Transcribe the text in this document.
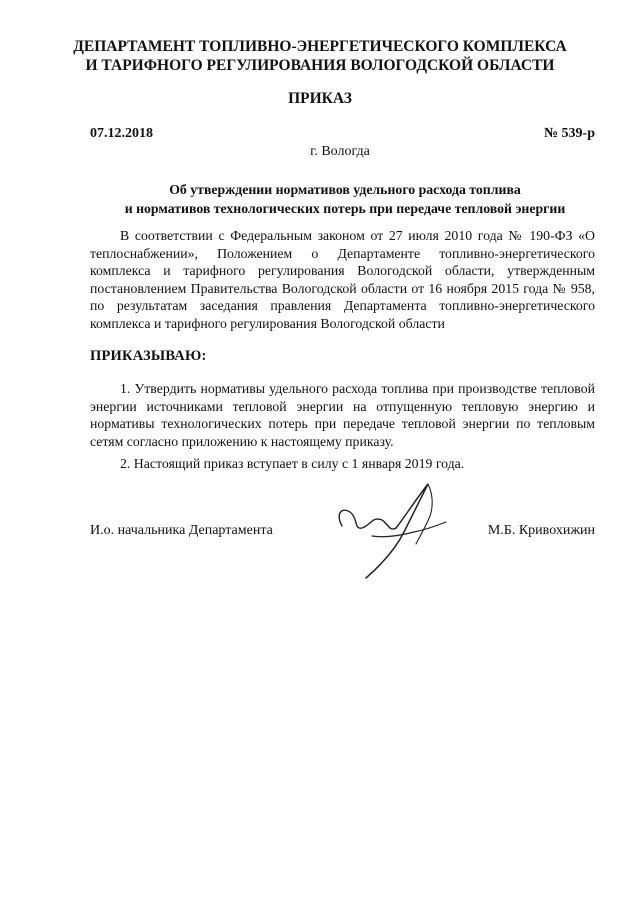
ДЕПАРТАМЕНТ ТОПЛИВНО-ЭНЕРГЕТИЧЕСКОГО КОМПЛЕКСА
И ТАРИФНОГО РЕГУЛИРОВАНИЯ ВОЛОГОДСКОЙ ОБЛАСТИ
ПРИКАЗ
07.12.2018	№ 539-р
г. Вологда
Об утверждении нормативов удельного расхода топлива
и нормативов технологических потерь при передаче тепловой энергии
В соответствии с Федеральным законом от 27 июля 2010 года № 190-ФЗ «О теплоснабжении», Положением о Департаменте топливно-энергетического комплекса и тарифного регулирования Вологодской области, утвержденным постановлением Правительства Вологодской области от 16 ноября 2015 года № 958, по результатам заседания правления Департамента топливно-энергетического комплекса и тарифного регулирования Вологодской области
ПРИКАЗЫВАЮ:
1. Утвердить нормативы удельного расхода топлива при производстве тепловой энергии источниками тепловой энергии на отпущенную тепловую энергию и нормативы технологических потерь при передаче тепловой энергии по тепловым сетям согласно приложению к настоящему приказу.
2. Настоящий приказ вступает в силу с 1 января 2019 года.
И.о. начальника Департамента	М.Б. Кривохижин
